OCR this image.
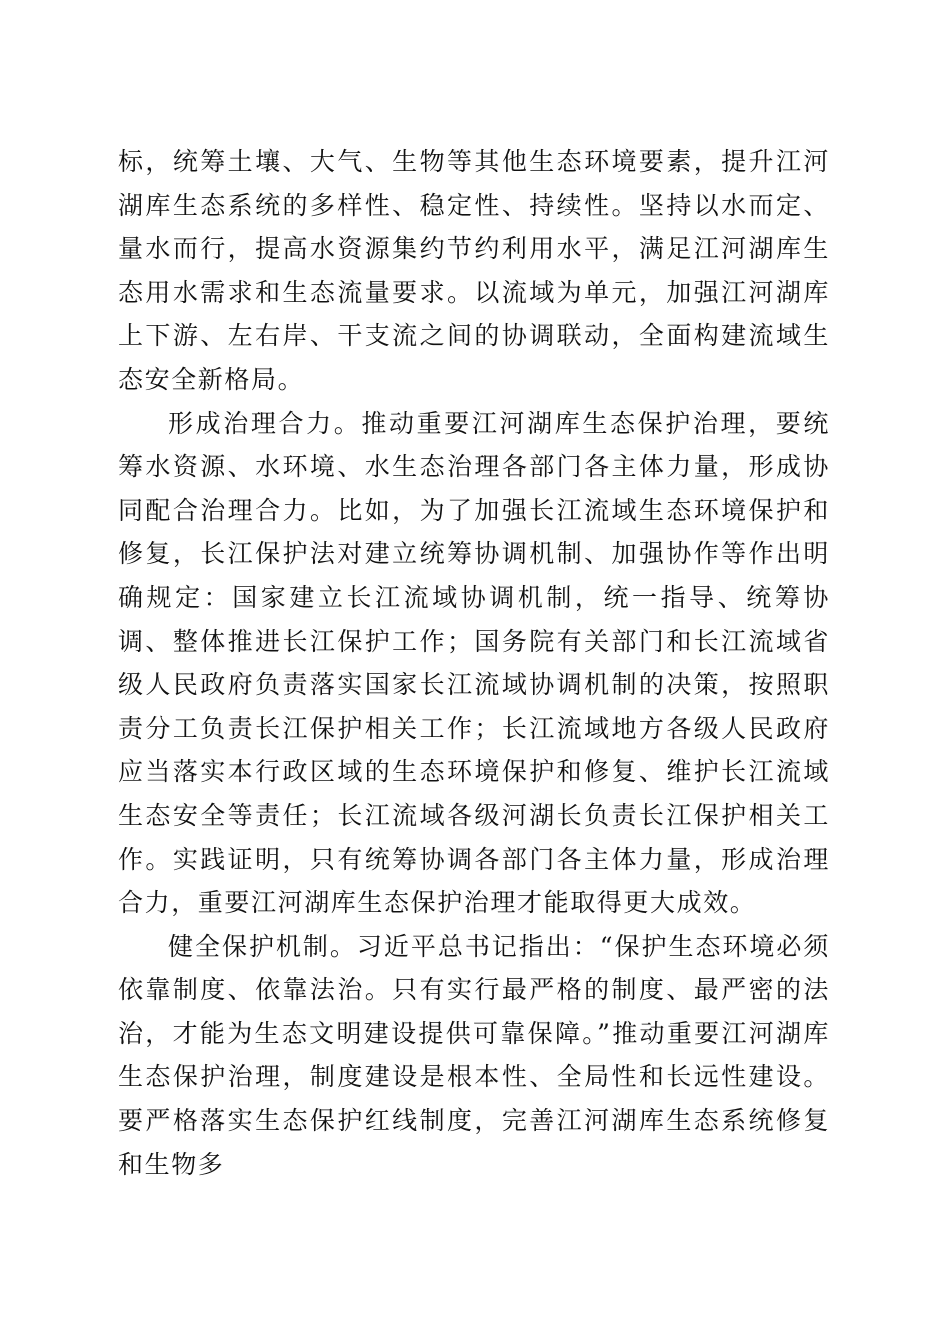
标，统筹土壤、大气、生物等其他生态环境要素，提升江河湖库生态系统的多样性、稳定性、持续性。坚持以水而定、量水而行，提高水资源集约节约利用水平，满足江河湖库生态用水需求和生态流量要求。以流域为单元，加强江河湖库上下游、左右岸、干支流之间的协调联动，全面构建流域生态安全新格局。

形成治理合力。推动重要江河湖库生态保护治理，要统筹水资源、水环境、水生态治理各部门各主体力量，形成协同配合治理合力。比如，为了加强长江流域生态环境保护和修复，长江保护法对建立统筹协调机制、加强协作等作出明确规定：国家建立长江流域协调机制，统一指导、统筹协调、整体推进长江保护工作；国务院有关部门和长江流域省级人民政府负责落实国家长江流域协调机制的决策，按照职责分工负责长江保护相关工作；长江流域地方各级人民政府应当落实本行政区域的生态环境保护和修复、维护长江流域生态安全等责任；长江流域各级河湖长负责长江保护相关工作。实践证明，只有统筹协调各部门各主体力量，形成治理合力，重要江河湖库生态保护治理才能取得更大成效。

健全保护机制。习近平总书记指出：“保护生态环境必须依靠制度、依靠法治。只有实行最严格的制度、最严密的法治，才能为生态文明建设提供可靠保障。”推动重要江河湖库生态保护治理，制度建设是根本性、全局性和长远性建设。要严格落实生态保护红线制度，完善江河湖库生态系统修复和生物多
